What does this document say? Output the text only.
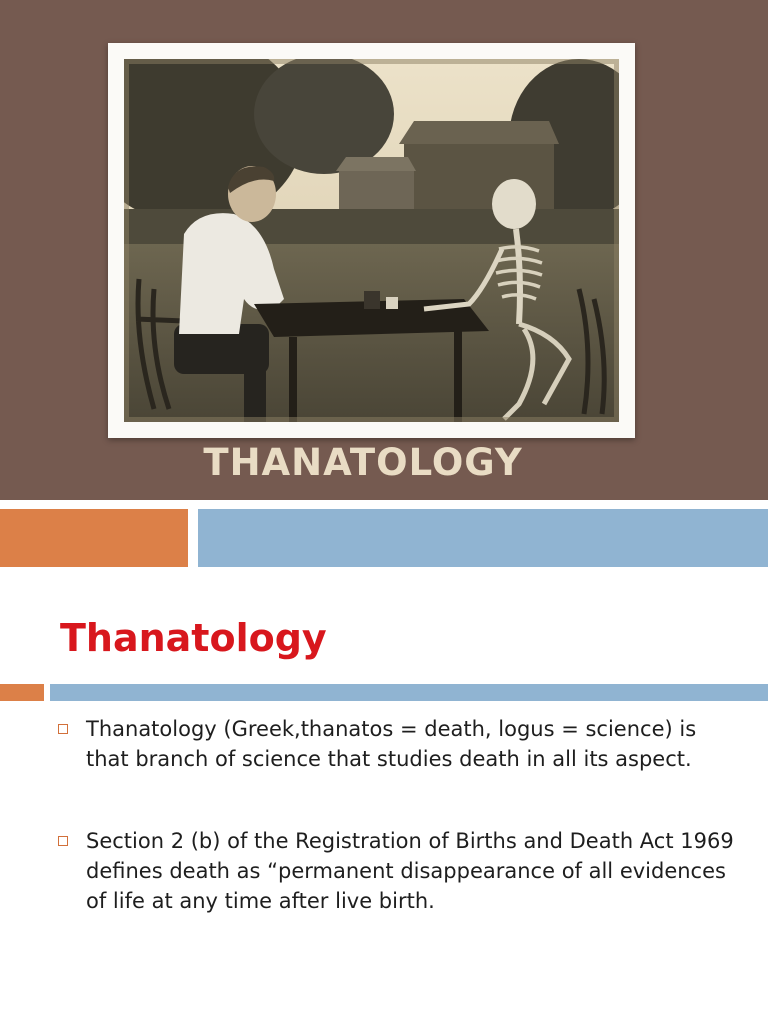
THANATOLOGY
Thanatology
Thanatology (Greek,thanatos = death, logus = science) is that branch of science that studies death in all its aspect.
Section 2 (b) of the Registration of Births and Death Act 1969 defines death as “permanent disappearance of all evidences of life at any time after live birth.
